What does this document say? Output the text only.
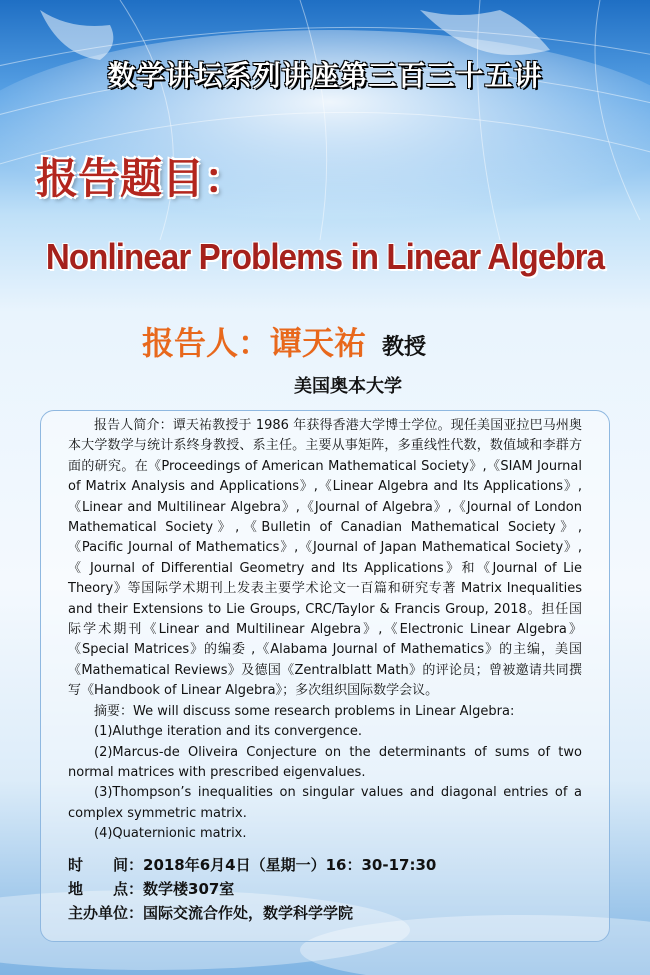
数学讲坛系列讲座第三百三十五讲
报告题目：
Nonlinear Problems in Linear Algebra
报告人：谭天祐 教授
美国奥本大学

报告人简介：谭天祐教授于 1986 年获得香港大学博士学位。现任美国亚拉巴马州奥本大学数学与统计系终身教授、系主任。主要从事矩阵，多重线性代数，数值域和李群方面的研究。在《Proceedings of American Mathematical Society》,《SIAM Journal of Matrix Analysis and Applications》,《Linear Algebra and Its Applications》,《Linear and Multilinear Algebra》,《Journal of Algebra》,《Journal of London Mathematical Society》,《Bulletin of Canadian Mathematical Society》,《Pacific Journal of Mathematics》,《Journal of Japan Mathematical Society》,《 Journal of Differential Geometry and Its Applications》和《Journal of Lie Theory》等国际学术期刊上发表主要学术论文一百篇和研究专著 Matrix Inequalities and their Extensions to Lie Groups, CRC/Taylor & Francis Group, 2018。担任国际学术期刊《Linear and Multilinear Algebra》,《Electronic Linear Algebra》《Special Matrices》的编委 ,《Alabama Journal of Mathematics》的主编，美国《Mathematical Reviews》及德国《Zentralblatt Math》的评论员；曾被邀请共同撰写《Handbook of Linear Algebra》；多次组织国际数学会议。

摘要：We will discuss some research problems in Linear Algebra:

(1)Aluthge iteration and its convergence.

(2)Marcus-de Oliveira Conjecture on the determinants of sums of two normal matrices with prescribed eigenvalues.

(3)Thompson’s inequalities on singular values and diagonal entries of a complex symmetric matrix.

(4)Quaternionic matrix.

时　　间：2018年6月4日（星期一）16：30-17:30
地　　点：数学楼307室
主办单位：国际交流合作处，数学科学学院
